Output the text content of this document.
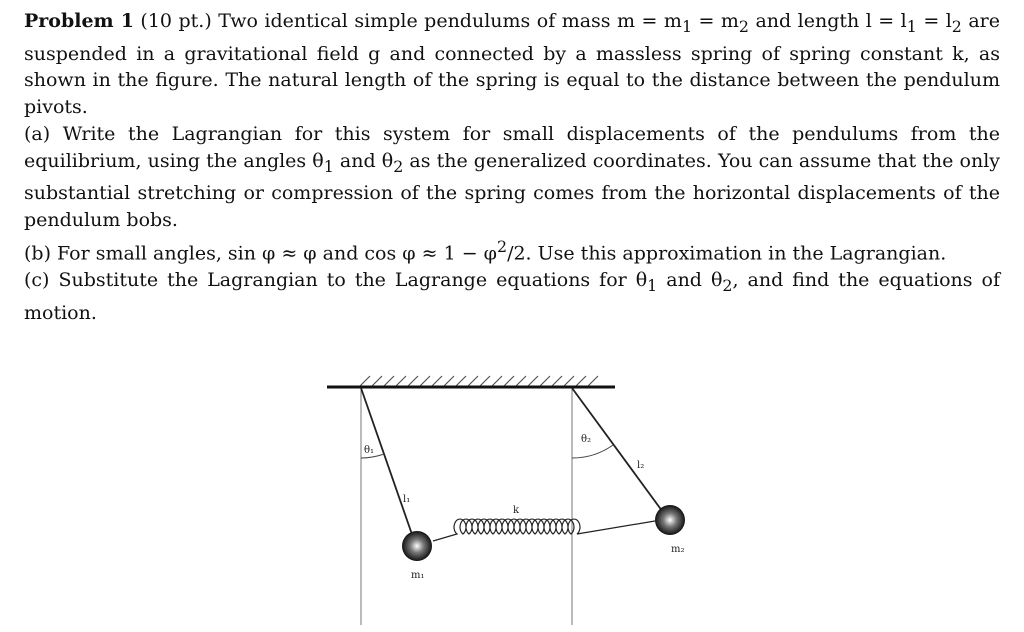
Problem 1 (10 pt.) Two identical simple pendulums of mass $m = m_1 = m_2$ and length $l = l_1 = l_2$ are suspended in a gravitational field g and connected by a massless spring of spring constant k, as shown in the figure. The natural length of the spring is equal to the distance between the pendulum pivots.

(a) Write the Lagrangian for this system for small displacements of the pendulums from the equilibrium, using the angles $\theta_1$ and $\theta_2$ as the generalized coordinates. You can assume that the only substantial stretching or compression of the spring comes from the horizontal displacements of the pendulum bobs.

(b) For small angles, sin φ ≈ φ and $\cos \varphi \approx 1 - \varphi^2/2$. Use this approximation in the Lagrangian.

(c) Substitute the Lagrangian to the Lagrange equations for $\theta_1$ and $\theta_2$, and find the equations of motion.

θ₁
θ₂
l₁
l₂
k
m₁
m₂
